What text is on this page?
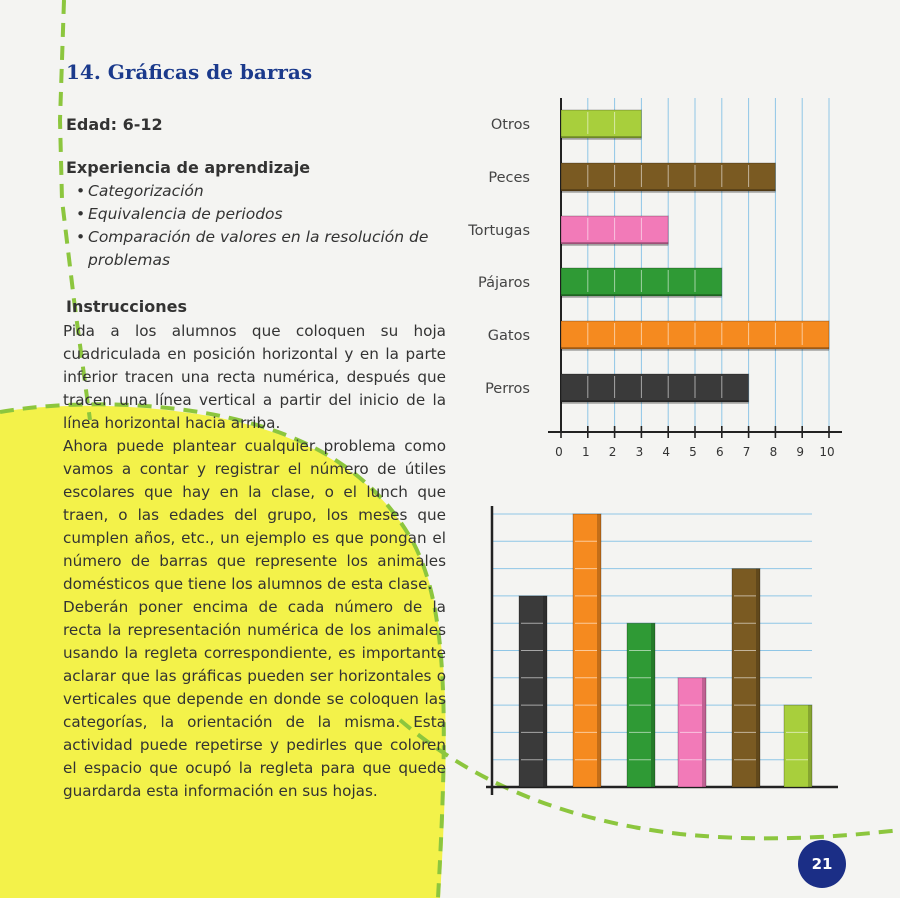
14. Gráficas de barras
Edad: 6-12
Experiencia de aprendizaje
• Categorización
• Equivalencia de periodos
• Comparación de valores en la resolución de problemas
Instrucciones

Pida a los alumnos que coloquen su hoja cuadriculada en posición horizontal y en la parte inferior tracen una recta numérica, después que tracen una línea vertical a partir del inicio de la línea horizontal hacia arriba.

Ahora puede plantear cualquier problema como vamos a contar y registrar el número de útiles escolares que hay en la clase, o el lunch que traen, o las edades del grupo, los meses que cumplen años, etc., un ejemplo es que pongan el número de barras que represente los animales domésticos que tiene los alumnos de esta clase.

Deberán poner encima de cada número de la recta la representación numérica de los animales usando la regleta correspondiente, es importante aclarar que las gráficas pueden ser horizontales o verticales que depende en donde se coloquen las categorías, la orientación de la misma. Esta actividad puede repetirse y pedirles que coloren el espacio que ocupó la regleta para que quede guardarda esta información en sus hojas.

0 1 2 3 4 5 6 7 8 9 10
Otros
Peces
Tortugas
Pájaros
Gatos
Perros
21
